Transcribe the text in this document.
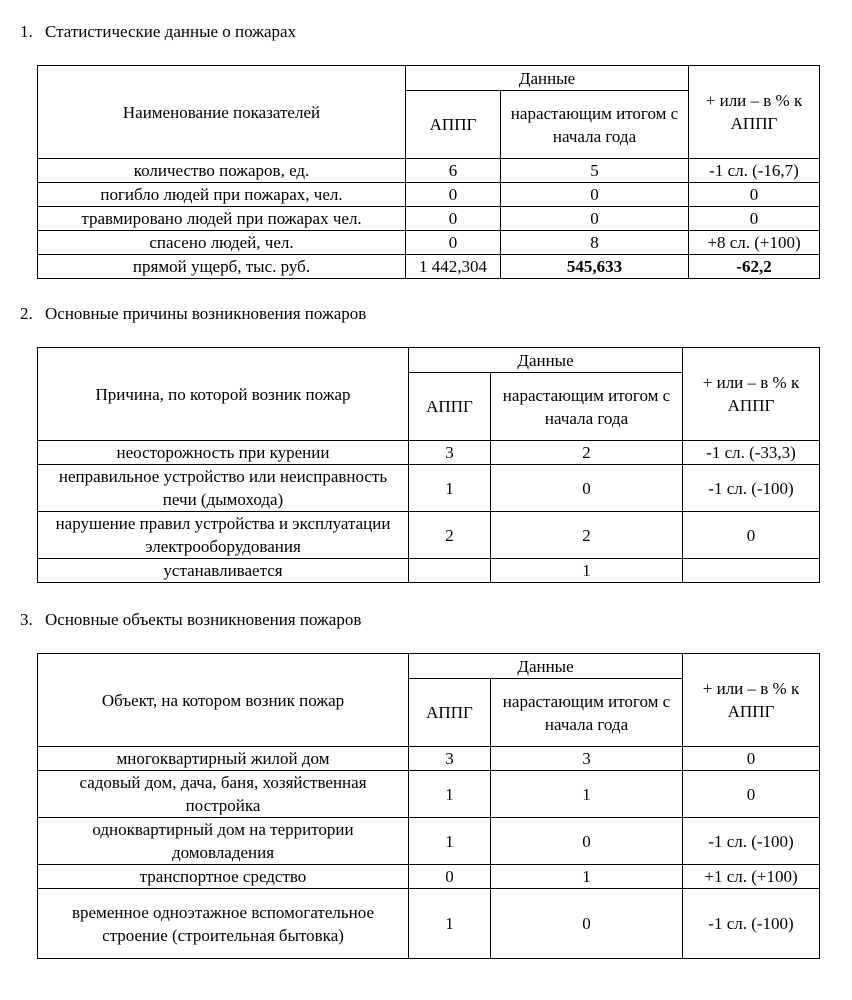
1. Статистические данные о пожарах
Наименование показателей	Данные		+ или – в % к АППГ
	АППГ	нарастающим итогом с начала года	
количество пожаров, ед.	6	5	-1 сл. (-16,7)
погибло людей при пожарах, чел.	0	0	0
травмировано людей при пожарах чел.	0	0	0
спасено людей, чел.	0	8	+8 сл. (+100)
прямой ущерб, тыс. руб.	1 442,304	545,633	-62,2
2. Основные причины возникновения пожаров
Причина, по которой возник пожар	Данные		+ или – в % к АППГ
	АППГ	нарастающим итогом с начала года	
неосторожность при курении	3	2	-1 сл. (-33,3)
неправильное устройство или неисправность печи (дымохода)	1	0	-1 сл. (-100)
нарушение правил устройства и эксплуатации электрооборудования	2	2	0
устанавливается		1	
3. Основные объекты возникновения пожаров
Объект, на котором возник пожар	Данные		+ или – в % к АППГ
	АППГ	нарастающим итогом с начала года	
многоквартирный жилой дом	3	3	0
садовый дом, дача, баня, хозяйственная постройка	1	1	0
одноквартирный дом на территории домовладения	1	0	-1 сл. (-100)
транспортное средство	0	1	+1 сл. (+100)
временное одноэтажное вспомогательное строение (строительная бытовка)	1	0	-1 сл. (-100)
